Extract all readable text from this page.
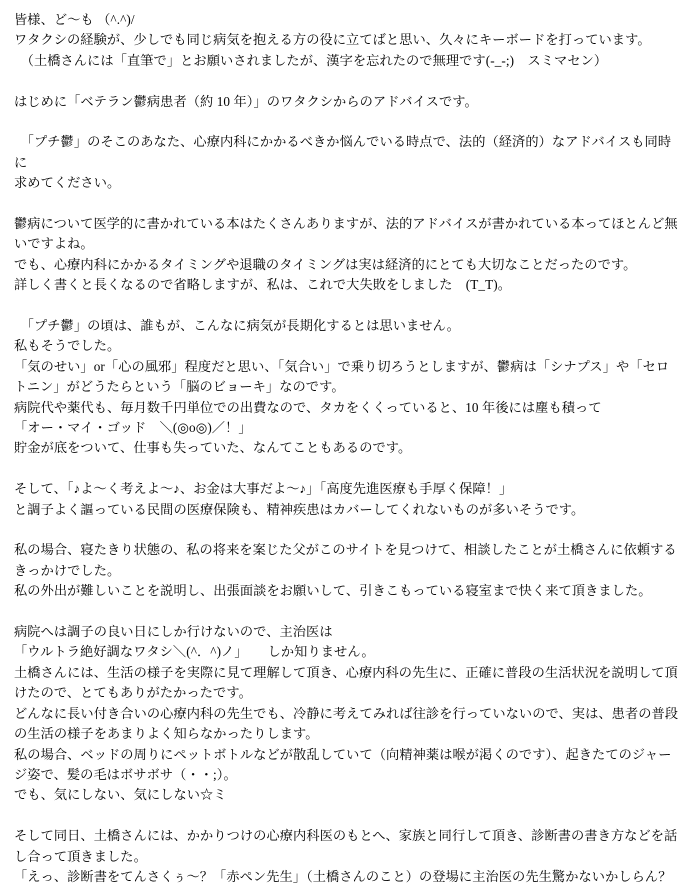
皆様、ど～も （^.^)/
ワタクシの経験が、少しでも同じ病気を抱える方の役に立てばと思い、久々にキーボードを打っています。
　（土橋さんには「直筆で」とお願いされましたが、漢字を忘れたので無理です(-_-;)　スミマセン）
はじめに「ベテラン鬱病患者（約 10 年）」のワタクシからのアドバイスです。
　「プチ鬱」のそこのあなた、心療内科にかかるべきか悩んでいる時点で、法的（経済的）なアドバイスも同時に
求めてください。
鬱病について医学的に書かれている本はたくさんありますが、法的アドバイスが書かれている本ってほとんど無
いですよね。
でも、心療内科にかかるタイミングや退職のタイミングは実は経済的にとても大切なことだったのです。
詳しく書くと長くなるので省略しますが、私は、これで大失敗をしました　(T_T)。
　「プチ鬱」の頃は、誰もが、こんなに病気が長期化するとは思いません。
私もそうでした。
「気のせい」or「心の風邪」程度だと思い、「気合い」で乗り切ろうとしますが、鬱病は「シナプス」や「セロ
トニン」がどうたらという「脳のビョーキ」なのです。
病院代や薬代も、毎月数千円単位での出費なので、タカをくくっていると、10 年後には塵も積って
「オー・マイ・ゴッド　＼(◎o◎)／！」
貯金が底をついて、仕事も失っていた、なんてこともあるのです。
そして、「♪よ～く考えよ～♪、お金は大事だよ～♪」「高度先進医療も手厚く保障！」
と調子よく謳っている民間の医療保険も、精神疾患はカバーしてくれないものが多いそうです。
私の場合、寝たきり状態の、私の将来を案じた父がこのサイトを見つけて、相談したことが土橋さんに依頼する
きっかけでした。
私の外出が難しいことを説明し、出張面談をお願いして、引きこもっている寝室まで快く来て頂きました。
病院へは調子の良い日にしか行けないので、主治医は
「ウルトラ絶好調なワタシ＼(^．^)ノ」　　しか知りません。
土橋さんには、生活の様子を実際に見て理解して頂き、心療内科の先生に、正確に普段の生活状況を説明して頂
けたので、とてもありがたかったです。
どんなに長い付き合いの心療内科の先生でも、冷静に考えてみれば往診を行っていないので、実は、患者の普段
の生活の様子をあまりよく知らなかったりします。
私の場合、ベッドの周りにペットボトルなどが散乱していて（向精神薬は喉が渇くのです）、起きたてのジャー
ジ姿で、髪の毛はボサボサ（・・;）。
でも、気にしない、気にしない☆ミ
そして同日、土橋さんには、かかりつけの心療内科医のもとへ、家族と同行して頂き、診断書の書き方などを話
し合って頂きました。
「えっ、診断書をてんさくぅ～？「赤ペン先生」（土橋さんのこと）の登場に主治医の先生驚かないかしらん？
